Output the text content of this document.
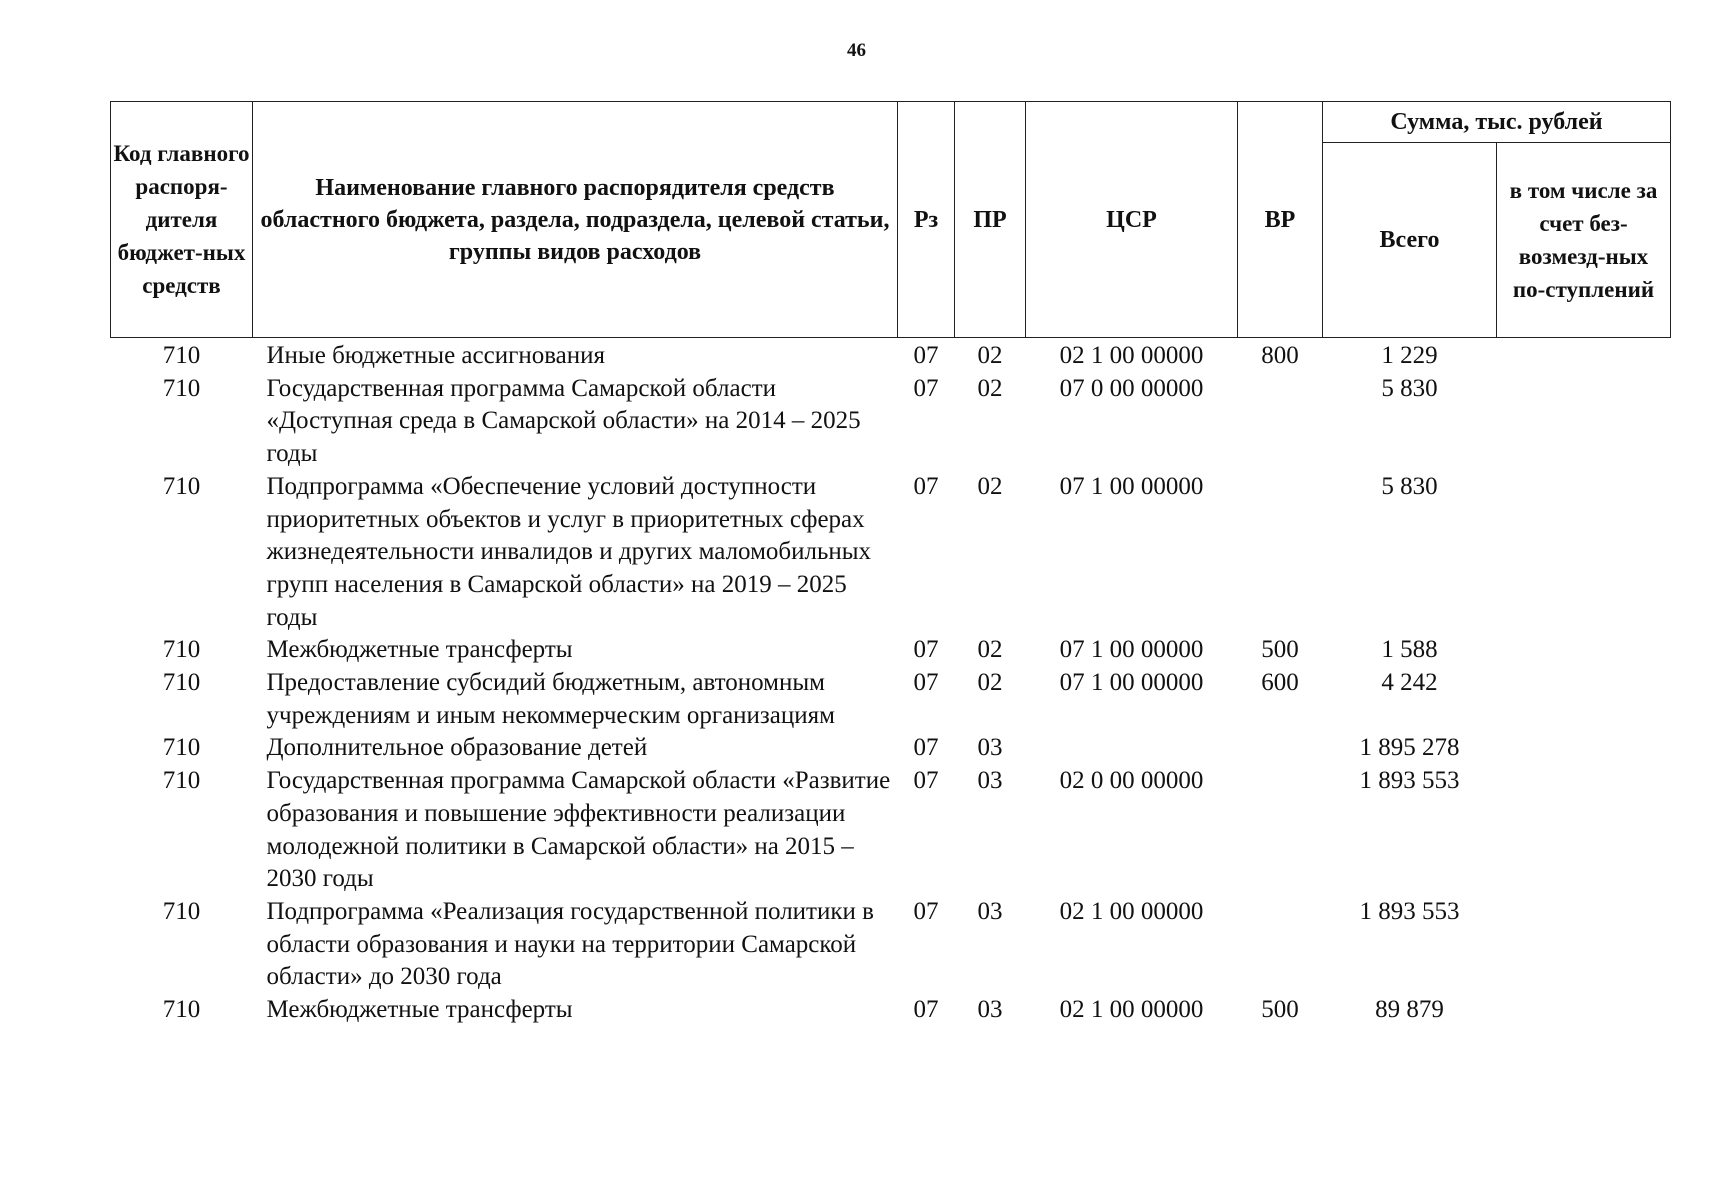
46
Код главного распоря-дителя бюджет-ных средств	Наименование главного распорядителя средств областного бюджета, раздела, подраздела, целевой статьи, группы видов расходов	Рз	ПР	ЦСР	ВР	Сумма, тыс. рублей	
						Всего	в том числе за счет без-возмезд-ных по-ступлений
710	Иные бюджетные ассигнования	07	02	02 1 00 00000	800	1 229	
710	Государственная программа Самарской области «Доступная среда в Самарской области» на 2014 – 2025 годы	07	02	07 0 00 00000		5 830	
710	Подпрограмма «Обеспечение условий доступности приоритетных объектов и услуг в приоритетных сферах жизнедеятельности инвалидов и других маломобильных групп населения в Самарской области» на 2019 – 2025 годы	07	02	07 1 00 00000		5 830	
710	Межбюджетные трансферты	07	02	07 1 00 00000	500	1 588	
710	Предоставление субсидий бюджетным, автономным учреждениям и иным некоммерческим организациям	07	02	07 1 00 00000	600	4 242	
710	Дополнительное образование детей	07	03			1 895 278	
710	Государственная программа Самарской области «Развитие образования и повышение эффективности реализации молодежной политики в Самарской области» на 2015 – 2030 годы	07	03	02 0 00 00000		1 893 553	
710	Подпрограмма «Реализация государственной политики в области образования и науки на территории Самарской области» до 2030 года	07	03	02 1 00 00000		1 893 553	
710	Межбюджетные трансферты	07	03	02 1 00 00000	500	89 879	
